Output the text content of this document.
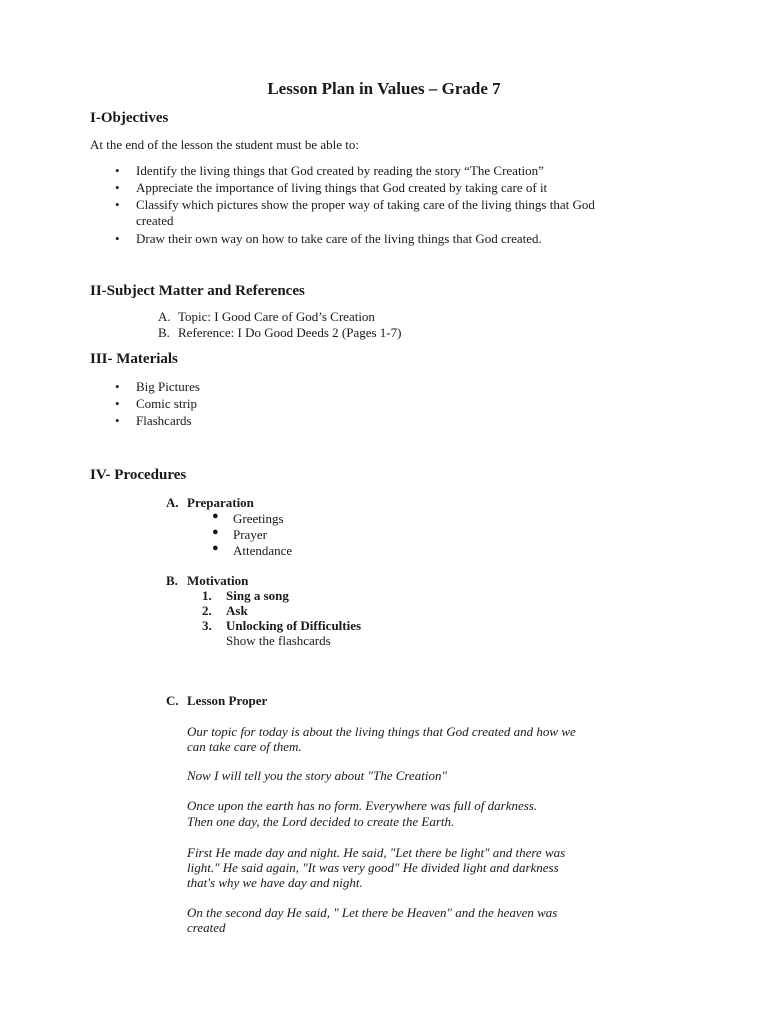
Lesson Plan in Values – Grade 7
I-Objectives
At the end of the lesson the student must be able to:
• Identify the living things that God created by reading the story “The Creation”
• Appreciate the importance of living things that God created by taking care of it
• Classify which pictures show the proper way of taking care of the living things that God
created
• Draw their own way on how to take care of the living things that God created.
II-Subject Matter and References
A. Topic: I Good Care of God’s Creation
B. Reference: I Do Good Deeds 2 (Pages 1-7)
III- Materials
• Big Pictures
• Comic strip
• Flashcards
IV- Procedures
A. Preparation
● Greetings
● Prayer
● Attendance
B. Motivation
1. Sing a song
2. Ask
3. Unlocking of Difficulties
Show the flashcards
C. Lesson Proper
Our topic for today is about the living things that God created and how we
can take care of them.
Now I will tell you the story about "The Creation"
Once upon the earth has no form. Everywhere was full of darkness.
Then one day, the Lord decided to create the Earth.
First He made day and night. He said, "Let there be light" and there was
light." He said again, "It was very good" He divided light and darkness
that's why we have day and night.
On the second day He said, " Let there be Heaven" and the heaven was
created
